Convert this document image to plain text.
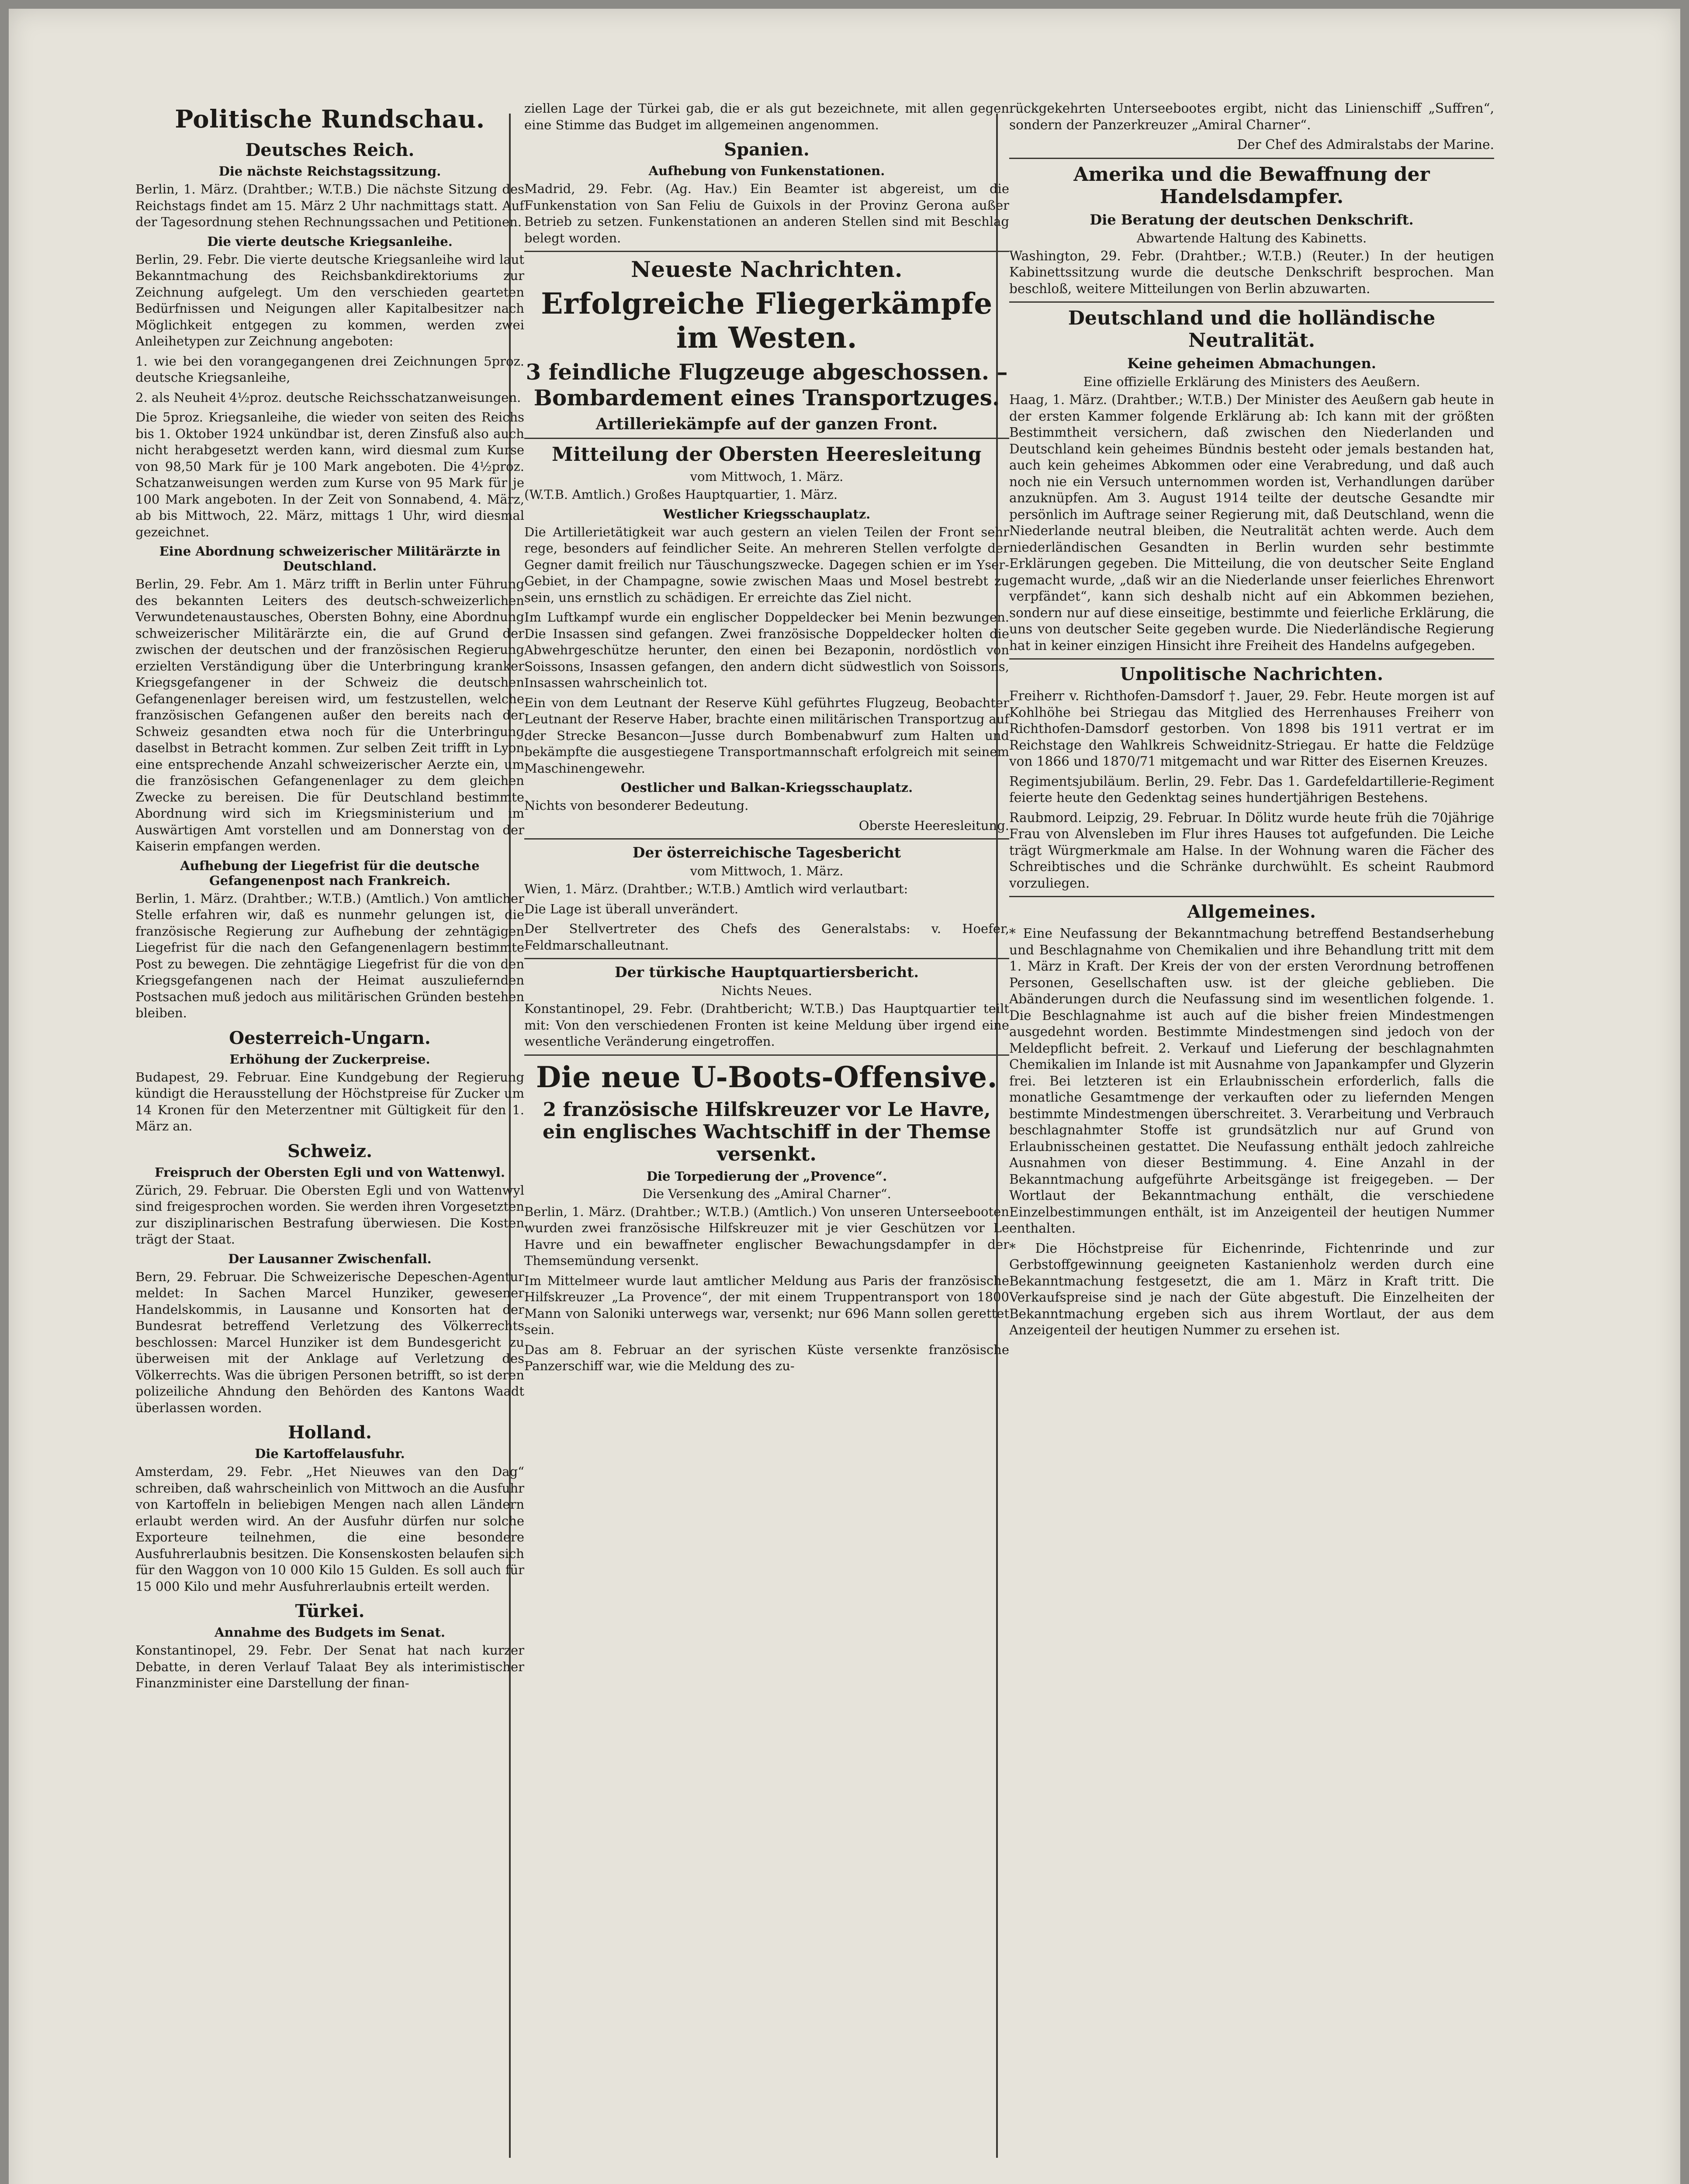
Politische Rundschau.
Deutsches Reich.
Die nächste Reichstagssitzung.

Berlin, 1. März. (Drahtber.; W.T.B.) Die nächste Sitzung des Reichstags findet am 15. März 2 Uhr nachmittags statt. Auf der Tagesordnung stehen Rechnungssachen und Petitionen.

Die vierte deutsche Kriegsanleihe.

Berlin, 29. Febr. Die vierte deutsche Kriegsanleihe wird laut Bekanntmachung des Reichsbankdirektoriums zur Zeichnung aufgelegt. Um den verschieden gearteten Bedürfnissen und Neigungen aller Kapitalbesitzer nach Möglichkeit entgegen zu kommen, werden zwei Anleihetypen zur Zeichnung angeboten:

1. wie bei den vorangegangenen drei Zeichnungen 5proz. deutsche Kriegsanleihe,

2. als Neuheit 4½proz. deutsche Reichsschatzanweisungen.

Die 5proz. Kriegsanleihe, die wieder von seiten des Reichs bis 1. Oktober 1924 unkündbar ist, deren Zinsfuß also auch nicht herabgesetzt werden kann, wird diesmal zum Kurse von 98,50 Mark für je 100 Mark angeboten. Die 4½proz. Schatzanweisungen werden zum Kurse von 95 Mark für je 100 Mark angeboten. In der Zeit von Sonnabend, 4. März, ab bis Mittwoch, 22. März, mittags 1 Uhr, wird diesmal gezeichnet.

Eine Abordnung schweizerischer Militärärzte in Deutschland.

Berlin, 29. Febr. Am 1. März trifft in Berlin unter Führung des bekannten Leiters des deutsch-schweizerlichen Verwundetenaustausches, Obersten Bohny, eine Abordnung schweizerischer Militärärzte ein, die auf Grund der zwischen der deutschen und der französischen Regierung erzielten Verständigung über die Unterbringung kranker Kriegsgefangener in der Schweiz die deutschen Gefangenenlager bereisen wird, um festzustellen, welche französischen Gefangenen außer den bereits nach der Schweiz gesandten etwa noch für die Unterbringung daselbst in Betracht kommen. Zur selben Zeit trifft in Lyon eine entsprechende Anzahl schweizerischer Aerzte ein, um die französischen Gefangenenlager zu dem gleichen Zwecke zu bereisen. Die für Deutschland bestimmte Abordnung wird sich im Kriegsministerium und im Auswärtigen Amt vorstellen und am Donnerstag von der Kaiserin empfangen werden.

Aufhebung der Liegefrist für die deutsche Gefangenenpost nach Frankreich.

Berlin, 1. März. (Drahtber.; W.T.B.) (Amtlich.) Von amtlicher Stelle erfahren wir, daß es nunmehr gelungen ist, die französische Regierung zur Aufhebung der zehntägigen Liegefrist für die nach den Gefangenenlagern bestimmte Post zu bewegen. Die zehntägige Liegefrist für die von den Kriegsgefangenen nach der Heimat auszuliefernden Postsachen muß jedoch aus militärischen Gründen bestehen bleiben.

Oesterreich-Ungarn.
Erhöhung der Zuckerpreise.

Budapest, 29. Februar. Eine Kundgebung der Regierung kündigt die Herausstellung der Höchstpreise für Zucker um 14 Kronen für den Meterzentner mit Gültigkeit für den 1. März an.

Schweiz.
Freispruch der Obersten Egli und von Wattenwyl.

Zürich, 29. Februar. Die Obersten Egli und von Wattenwyl sind freigesprochen worden. Sie werden ihren Vorgesetzten zur disziplinarischen Bestrafung überwiesen. Die Kosten trägt der Staat.

Der Lausanner Zwischenfall.

Bern, 29. Februar. Die Schweizerische Depeschen-Agentur meldet: In Sachen Marcel Hunziker, gewesener Handelskommis, in Lausanne und Konsorten hat der Bundesrat betreffend Verletzung des Völkerrechts beschlossen: Marcel Hunziker ist dem Bundesgericht zu überweisen mit der Anklage auf Verletzung des Völkerrechts. Was die übrigen Personen betrifft, so ist deren polizeiliche Ahndung den Behörden des Kantons Waadt überlassen worden.

Holland.
Die Kartoffelausfuhr.

Amsterdam, 29. Febr. „Het Nieuwes van den Dag“ schreiben, daß wahrscheinlich von Mittwoch an die Ausfuhr von Kartoffeln in beliebigen Mengen nach allen Ländern erlaubt werden wird. An der Ausfuhr dürfen nur solche Exporteure teilnehmen, die eine besondere Ausfuhrerlaubnis besitzen. Die Konsenskosten belaufen sich für den Waggon von 10 000 Kilo 15 Gulden. Es soll auch für 15 000 Kilo und mehr Ausfuhrerlaubnis erteilt werden.

Türkei.
Annahme des Budgets im Senat.

Konstantinopel, 29. Febr. Der Senat hat nach kurzer Debatte, in deren Verlauf Talaat Bey als interimistischer Finanzminister eine Darstellung der finan-

ziellen Lage der Türkei gab, die er als gut bezeichnete, mit allen gegen eine Stimme das Budget im allgemeinen angenommen.

Spanien.
Aufhebung von Funkenstationen.

Madrid, 29. Febr. (Ag. Hav.) Ein Beamter ist abgereist, um die Funkenstation von San Feliu de Guixols in der Provinz Gerona außer Betrieb zu setzen. Funkenstationen an anderen Stellen sind mit Beschlag belegt worden.

Neueste Nachrichten.
Erfolgreiche Fliegerkämpfe im Westen.
3 feindliche Flugzeuge abgeschossen. – Bombardement eines Transportzuges.
Artilleriekämpfe auf der ganzen Front.
Mitteilung der Obersten Heeresleitung
vom Mittwoch, 1. März.

(W.T.B. Amtlich.) Großes Hauptquartier, 1. März.

Westlicher Kriegsschauplatz.

Die Artillerietätigkeit war auch gestern an vielen Teilen der Front sehr rege, besonders auf feindlicher Seite. An mehreren Stellen verfolgte der Gegner damit freilich nur Täuschungszwecke. Dagegen schien er im Yser-Gebiet, in der Champagne, sowie zwischen Maas und Mosel bestrebt zu sein, uns ernstlich zu schädigen. Er erreichte das Ziel nicht.

Im Luftkampf wurde ein englischer Doppeldecker bei Menin bezwungen. Die Insassen sind gefangen. Zwei französische Doppeldecker holten die Abwehrgeschütze herunter, den einen bei Bezaponin, nordöstlich von Soissons, Insassen gefangen, den andern dicht südwestlich von Soissons, Insassen wahrscheinlich tot.

Ein von dem Leutnant der Reserve Kühl geführtes Flugzeug, Beobachter Leutnant der Reserve Haber, brachte einen militärischen Transportzug auf der Strecke Besancon—Jusse durch Bombenabwurf zum Halten und bekämpfte die ausgestiegene Transportmannschaft erfolgreich mit seinem Maschinengewehr.

Oestlicher und Balkan-Kriegsschauplatz.

Nichts von besonderer Bedeutung.

Oberste Heeresleitung.

Der österreichische Tagesbericht
vom Mittwoch, 1. März.

Wien, 1. März. (Drahtber.; W.T.B.) Amtlich wird verlautbart:

Die Lage ist überall unverändert.

Der Stellvertreter des Chefs des Generalstabs: v. Hoefer, Feldmarschalleutnant.

Der türkische Hauptquartiersbericht.
Nichts Neues.

Konstantinopel, 29. Febr. (Drahtbericht; W.T.B.) Das Hauptquartier teilt mit: Von den verschiedenen Fronten ist keine Meldung über irgend eine wesentliche Veränderung eingetroffen.

Die neue U-Boots-Offensive.
2 französische Hilfskreuzer vor Le Havre, ein englisches Wachtschiff in der Themse versenkt.
Die Torpedierung der „Provence“.
Die Versenkung des „Amiral Charner“.

Berlin, 1. März. (Drahtber.; W.T.B.) (Amtlich.) Von unseren Unterseebooten wurden zwei französische Hilfskreuzer mit je vier Geschützen vor Le Havre und ein bewaffneter englischer Bewachungsdampfer in der Themsemündung versenkt.

Im Mittelmeer wurde laut amtlicher Meldung aus Paris der französische Hilfskreuzer „La Provence“, der mit einem Truppentransport von 1800 Mann von Saloniki unterwegs war, versenkt; nur 696 Mann sollen gerettet sein.

Das am 8. Februar an der syrischen Küste versenkte französische Panzerschiff war, wie die Meldung des zu-

rückgekehrten Unterseebootes ergibt, nicht das Linienschiff „Suffren“, sondern der Panzerkreuzer „Amiral Charner“.

Der Chef des Admiralstabs der Marine.

Amerika und die Bewaffnung der Handelsdampfer.
Die Beratung der deutschen Denkschrift.
Abwartende Haltung des Kabinetts.

Washington, 29. Febr. (Drahtber.; W.T.B.) (Reuter.) In der heutigen Kabinettssitzung wurde die deutsche Denkschrift besprochen. Man beschloß, weitere Mitteilungen von Berlin abzuwarten.

Deutschland und die holländische Neutralität.
Keine geheimen Abmachungen.
Eine offizielle Erklärung des Ministers des Aeußern.

Haag, 1. März. (Drahtber.; W.T.B.) Der Minister des Aeußern gab heute in der ersten Kammer folgende Erklärung ab: Ich kann mit der größten Bestimmtheit versichern, daß zwischen den Niederlanden und Deutschland kein geheimes Bündnis besteht oder jemals bestanden hat, auch kein geheimes Abkommen oder eine Verabredung, und daß auch noch nie ein Versuch unternommen worden ist, Verhandlungen darüber anzuknüpfen. Am 3. August 1914 teilte der deutsche Gesandte mir persönlich im Auftrage seiner Regierung mit, daß Deutschland, wenn die Niederlande neutral bleiben, die Neutralität achten werde. Auch dem niederländischen Gesandten in Berlin wurden sehr bestimmte Erklärungen gegeben. Die Mitteilung, die von deutscher Seite England gemacht wurde, „daß wir an die Niederlande unser feierliches Ehrenwort verpfändet“, kann sich deshalb nicht auf ein Abkommen beziehen, sondern nur auf diese einseitige, bestimmte und feierliche Erklärung, die uns von deutscher Seite gegeben wurde. Die Niederländische Regierung hat in keiner einzigen Hinsicht ihre Freiheit des Handelns aufgegeben.

Unpolitische Nachrichten.

Freiherr v. Richthofen-Damsdorf †. Jauer, 29. Febr. Heute morgen ist auf Kohlhöhe bei Striegau das Mitglied des Herrenhauses Freiherr von Richthofen-Damsdorf gestorben. Von 1898 bis 1911 vertrat er im Reichstage den Wahlkreis Schweidnitz-Striegau. Er hatte die Feldzüge von 1866 und 1870/71 mitgemacht und war Ritter des Eisernen Kreuzes.

Regimentsjubiläum. Berlin, 29. Febr. Das 1. Gardefeldartillerie-Regiment feierte heute den Gedenktag seines hundertjährigen Bestehens.

Raubmord. Leipzig, 29. Februar. In Dölitz wurde heute früh die 70jährige Frau von Alvensleben im Flur ihres Hauses tot aufgefunden. Die Leiche trägt Würgmerkmale am Halse. In der Wohnung waren die Fächer des Schreibtisches und die Schränke durchwühlt. Es scheint Raubmord vorzuliegen.

Allgemeines.

* Eine Neufassung der Bekanntmachung betreffend Bestandserhebung und Beschlagnahme von Chemikalien und ihre Behandlung tritt mit dem 1. März in Kraft. Der Kreis der von der ersten Verordnung betroffenen Personen, Gesellschaften usw. ist der gleiche geblieben. Die Abänderungen durch die Neufassung sind im wesentlichen folgende. 1. Die Beschlagnahme ist auch auf die bisher freien Mindestmengen ausgedehnt worden. Bestimmte Mindestmengen sind jedoch von der Meldepflicht befreit. 2. Verkauf und Lieferung der beschlagnahmten Chemikalien im Inlande ist mit Ausnahme von Japankampfer und Glyzerin frei. Bei letzteren ist ein Erlaubnisschein erforderlich, falls die monatliche Gesamtmenge der verkauften oder zu liefernden Mengen bestimmte Mindestmengen überschreitet. 3. Verarbeitung und Verbrauch beschlagnahmter Stoffe ist grundsätzlich nur auf Grund von Erlaubnisscheinen gestattet. Die Neufassung enthält jedoch zahlreiche Ausnahmen von dieser Bestimmung. 4. Eine Anzahl in der Bekanntmachung aufgeführte Arbeitsgänge ist freigegeben. — Der Wortlaut der Bekanntmachung enthält, die verschiedene Einzelbestimmungen enthält, ist im Anzeigenteil der heutigen Nummer enthalten.

* Die Höchstpreise für Eichenrinde, Fichtenrinde und zur Gerbstoffgewinnung geeigneten Kastanienholz werden durch eine Bekanntmachung festgesetzt, die am 1. März in Kraft tritt. Die Verkaufspreise sind je nach der Güte abgestuft. Die Einzelheiten der Bekanntmachung ergeben sich aus ihrem Wortlaut, der aus dem Anzeigenteil der heutigen Nummer zu ersehen ist.
